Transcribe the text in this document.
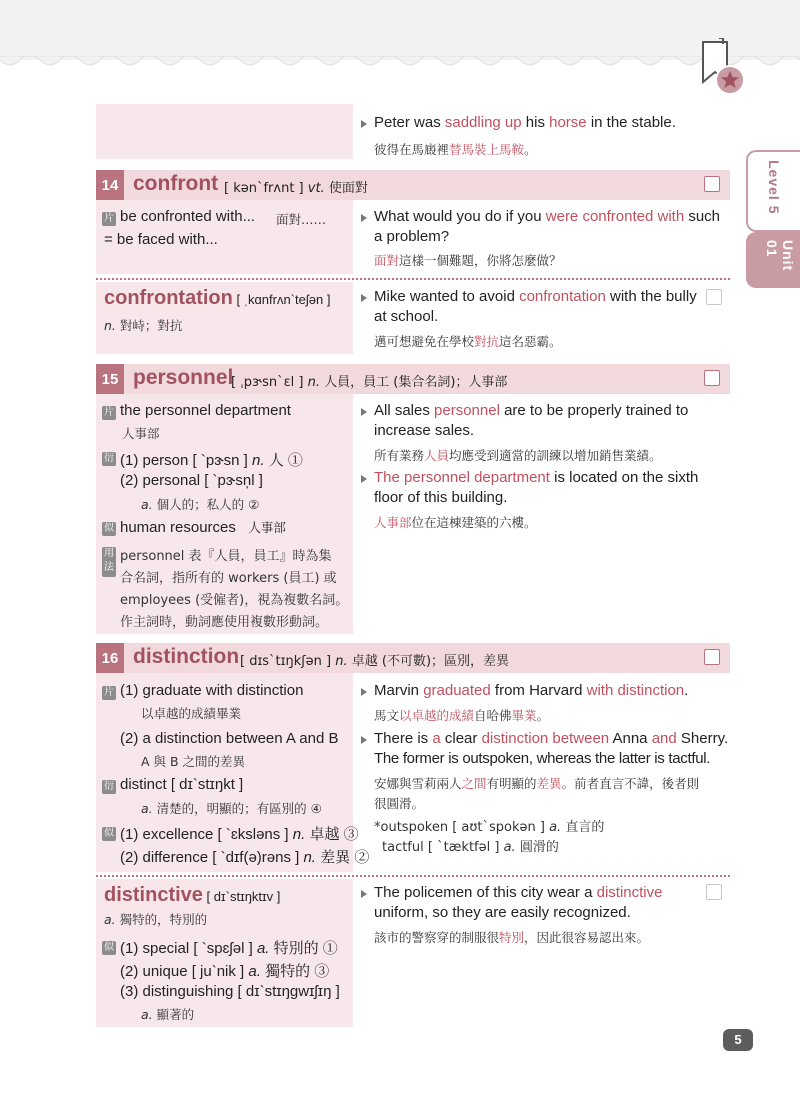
Level 5
Unit 01
Peter was saddling up his horse in the stable.
彼得在馬廄裡替馬裝上馬鞍。
14 confront [ kən`frʌnt ] vt. 使面對
片 be confronted with... 面對……
= be faced with...
What would you do if you were confronted with such
a problem?
面對這樣一個難題，你將怎麼做？
confrontation [ ˌkɑnfrʌn`teʃən ]
n. 對峙；對抗
Mike wanted to avoid confrontation with the bully
at school.
邁可想避免在學校對抗這名惡霸。
15 personnel
[ ˌpɝsn`ɛl ] n. 人員，員工 (集合名詞)；人事部
片 the personnel department
人事部
衍 (1) person [ `pɝsn ] n. 人 ①
(2) personal [ `pɝsn̩l ]
a. 個人的；私人的 ②
似 human resources 人事部
用法
personnel 表『人員，員工』時為集
合名詞，指所有的 workers (員工) 或
employees (受僱者)，視為複數名詞。
作主詞時，動詞應使用複數形動詞。
All sales personnel are to be properly trained to
increase sales.
所有業務人員均應受到適當的訓練以增加銷售業績。
The personnel department is located on the sixth
floor of this building.
人事部位在這棟建築的六樓。
16 distinction [ dɪs`tɪŋkʃən ] n. 卓越 (不可數)；區別，差異
片 (1) graduate with distinction
以卓越的成績畢業
(2) a distinction between A and B
A 與 B 之間的差異
衍 distinct [ dɪ`stɪŋkt ]
a. 清楚的，明顯的；有區別的 ④
似 (1) excellence [ `ɛksləns ] n. 卓越 ③
(2) difference [ `dɪf(ə)rəns ] n. 差異 ②
Marvin graduated from Harvard with distinction.
馬文以卓越的成績自哈佛畢業。
There is a clear distinction between Anna and Sherry.
The former is outspoken, whereas the latter is tactful.
安娜與雪莉兩人之間有明顯的差異。前者直言不諱，後者則
很圓滑。
*outspoken [ aʊt`spokən ] a. 直言的
tactful [ `tæktfəl ] a. 圓滑的
distinctive [ dɪ`stɪŋktɪv ]
a. 獨特的，特別的
似 (1) special [ `spɛʃəl ] a. 特別的 ①
(2) unique [ ju`nik ] a. 獨特的 ③
(3) distinguishing [ dɪ`stɪŋgwɪʃɪŋ ]
a. 顯著的
The policemen of this city wear a distinctive
uniform, so they are easily recognized.
該市的警察穿的制服很特別，因此很容易認出來。
5
